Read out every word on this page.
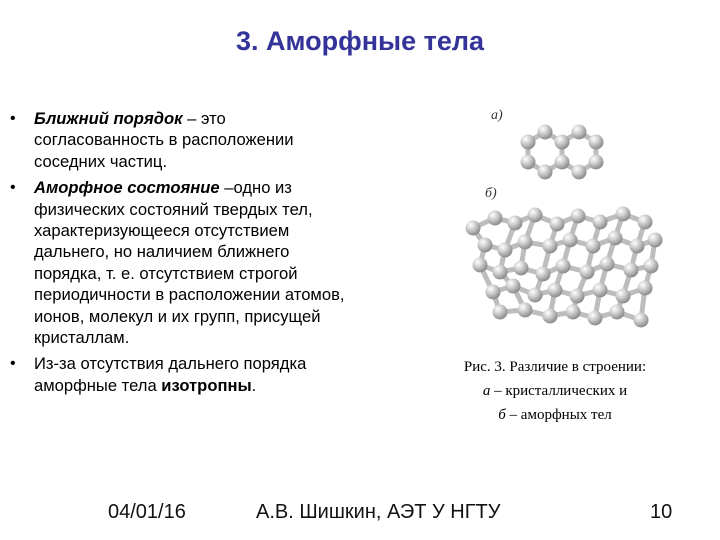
3. Аморфные тела
• Ближний порядок – это согласованность в расположении соседних частиц.
• Аморфное состояние –одно из физических состояний твердых тел, характеризующееся отсутствием дальнего, но наличием ближнего порядка, т. е. отсутствием строгой периодичности в расположении атомов, ионов, молекул и их групп, присущей кристаллам.
• Из-за отсутствия дальнего порядка аморфные тела изотропны.
а)
б)
Рис. 3. Различие в строении:
а – кристаллических и
б – аморфных тел
04/01/16	А.В. Шишкин, АЭТ У НГТУ	10
